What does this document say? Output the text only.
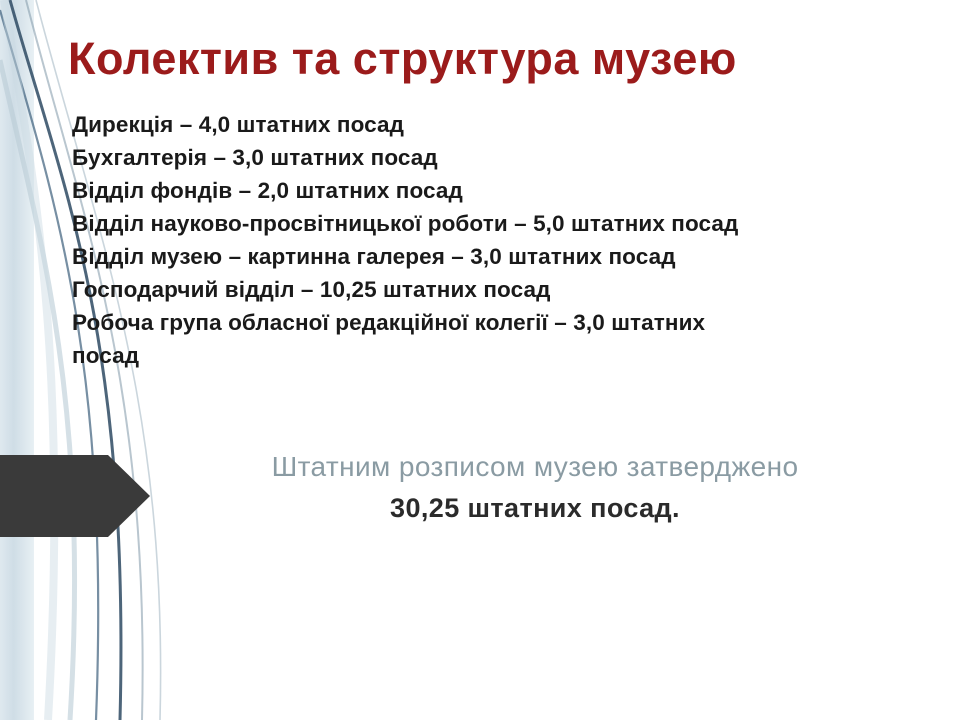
Колектив та структура музею
Дирекція – 4,0 штатних посад
Бухгалтерія – 3,0 штатних посад
Відділ фондів – 2,0 штатних посад
Відділ науково-просвітницької роботи – 5,0 штатних посад
Відділ музею – картинна галерея – 3,0 штатних посад
Господарчий відділ – 10,25 штатних посад
Робоча група обласної редакційної колегії – 3,0 штатних
посад
Штатним розписом музею затверджено
30,25 штатних посад.
